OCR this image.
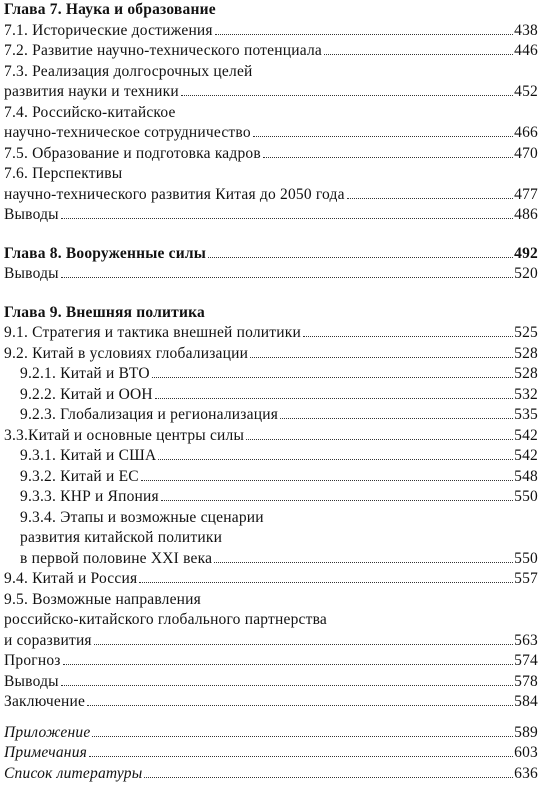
Глава 7. Наука и образование
7.1. Исторические достижения	438
7.2. Развитие научно-технического потенциала	446
7.3. Реализация долгосрочных целей
развития науки и техники	452
7.4. Российско-китайское
научно-техническое сотрудничество	466
7.5. Образование и подготовка кадров	470
7.6. Перспективы
научно-технического развития Китая до 2050 года	477
Выводы	486
Глава 8. Вооруженные силы	492
Выводы	520
Глава 9. Внешняя политика
9.1. Стратегия и тактика внешней политики	525
9.2. Китай в условиях глобализации	528
9.2.1. Китай и ВТО	528
9.2.2. Китай и ООН	532
9.2.3. Глобализация и регионализация	535
3.3.Китай и основные центры силы	542
9.3.1. Китай и США	542
9.3.2. Китай и ЕС	548
9.3.3. КНР и Япония	550
9.3.4. Этапы и возможные сценарии
развития китайской политики
в первой половине XXI века	550
9.4. Китай и Россия	557
9.5. Возможные направления
российско-китайского глобального партнерства
и соразвития	563
Прогноз	574
Выводы	578
Заключение	584
Приложение	589
Примечания	603
Список литературы	636
